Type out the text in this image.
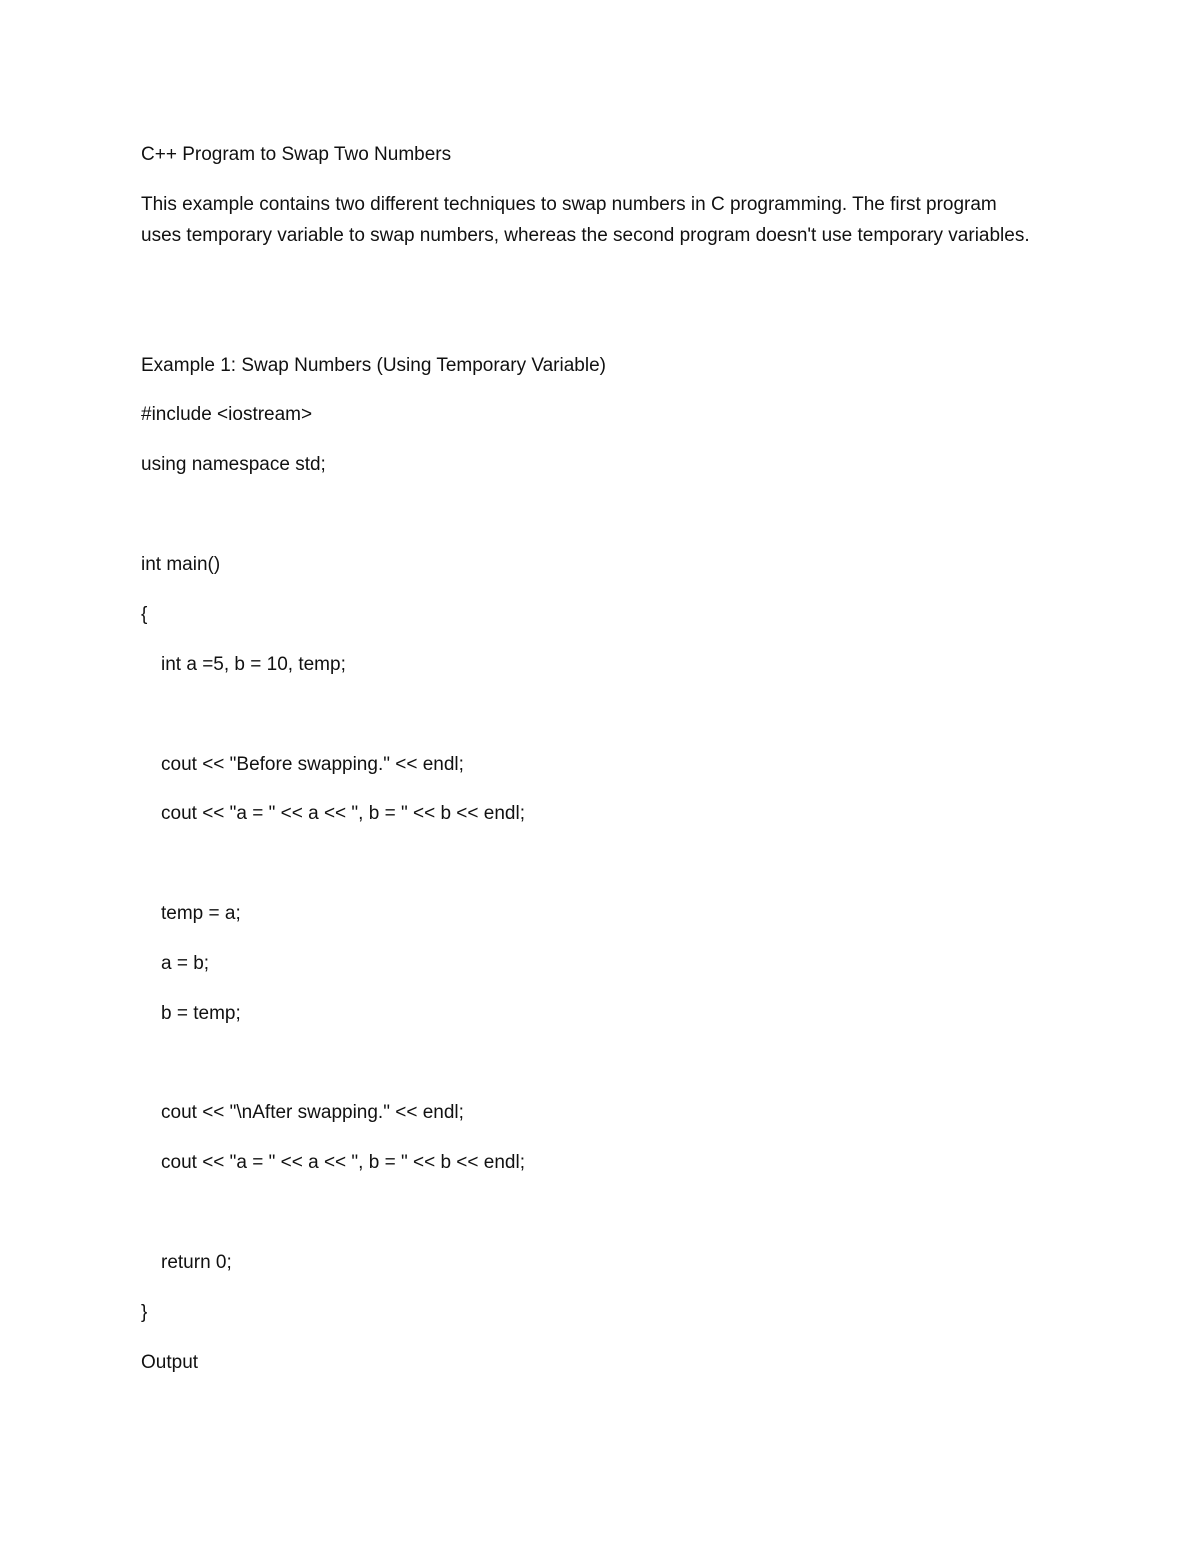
C++ Program to Swap Two Numbers
This example contains two different techniques to swap numbers in C programming. The first program uses temporary variable to swap numbers, whereas the second program doesn't use temporary variables.
Example 1: Swap Numbers (Using Temporary Variable)
#include <iostream>
using namespace std;
int main()
{
int a =5, b = 10, temp;
cout << "Before swapping." << endl;
cout << "a = " << a << ", b = " << b << endl;
temp = a;
a = b;
b = temp;
cout << "\nAfter swapping." << endl;
cout << "a = " << a << ", b = " << b << endl;
return 0;
}
Output
